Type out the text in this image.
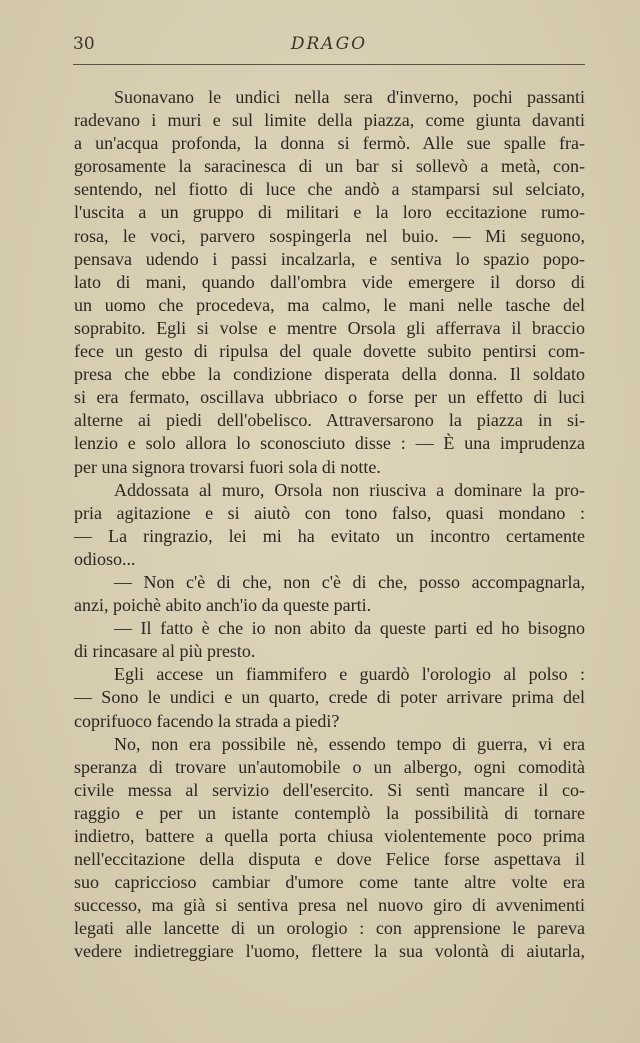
30	DRAGO
Suonavano le undici nella sera d'inverno, pochi passanti
radevano i muri e sul limite della piazza, come giunta davanti
a un'acqua profonda, la donna si fermò. Alle sue spalle fra-
gorosamente la saracinesca di un bar si sollevò a metà, con-
sentendo, nel fiotto di luce che andò a stamparsi sul selciato,
l'uscita a un gruppo di militari e la loro eccitazione rumo-
rosa, le voci, parvero sospingerla nel buio. — Mi seguono,
pensava udendo i passi incalzarla, e sentiva lo spazio popo-
lato di mani, quando dall'ombra vide emergere il dorso di
un uomo che procedeva, ma calmo, le mani nelle tasche del
soprabito. Egli si volse e mentre Orsola gli afferrava il braccio
fece un gesto di ripulsa del quale dovette subito pentirsi com-
presa che ebbe la condizione disperata della donna. Il soldato
si era fermato, oscillava ubbriaco o forse per un effetto di luci
alterne ai piedi dell'obelisco. Attraversarono la piazza in si-
lenzio e solo allora lo sconosciuto disse : — È una imprudenza
per una signora trovarsi fuori sola di notte.
Addossata al muro, Orsola non riusciva a dominare la pro-
pria agitazione e si aiutò con tono falso, quasi mondano :
— La ringrazio, lei mi ha evitato un incontro certamente
odioso...
— Non c'è di che, non c'è di che, posso accompagnarla,
anzi, poichè abito anch'io da queste parti.
— Il fatto è che io non abito da queste parti ed ho bisogno
di rincasare al più presto.
Egli accese un fiammifero e guardò l'orologio al polso :
— Sono le undici e un quarto, crede di poter arrivare prima del
coprifuoco facendo la strada a piedi?
No, non era possibile nè, essendo tempo di guerra, vi era
speranza di trovare un'automobile o un albergo, ogni comodità
civile messa al servizio dell'esercito. Si sentì mancare il co-
raggio e per un istante contemplò la possibilità di tornare
indietro, battere a quella porta chiusa violentemente poco prima
nell'eccitazione della disputa e dove Felice forse aspettava il
suo capriccioso cambiar d'umore come tante altre volte era
successo, ma già si sentiva presa nel nuovo giro di avvenimenti
legati alle lancette di un orologio : con apprensione le pareva
vedere indietreggiare l'uomo, flettere la sua volontà di aiutarla,
